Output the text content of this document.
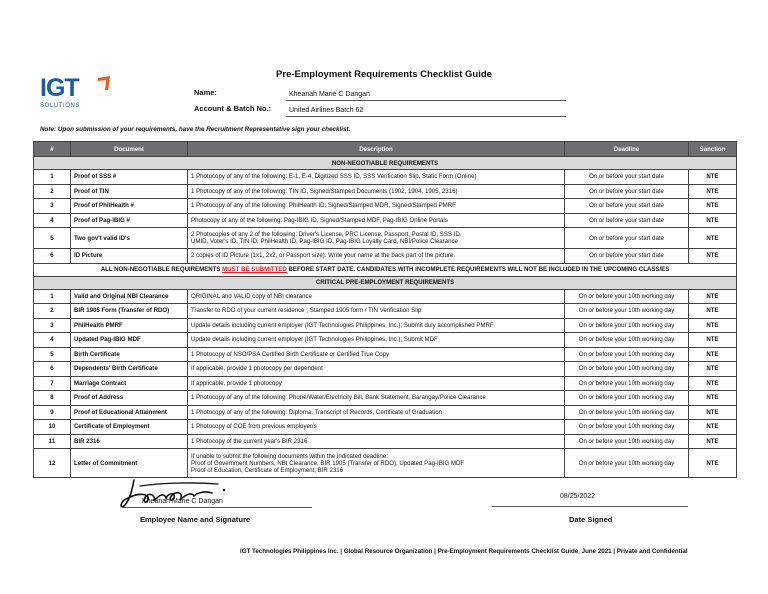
IGT
SOLUTIONS
Pre-Employment Requirements Checklist Guide
Name:	Kheanah Marie C Dangan
Account & Batch No.:	United Airlines Batch 62
Note: Upon submission of your requirements, have the Recruitment Representative sign your checklist.
#	Document	Description	Deadline	Sanction
NON-NEGOTIABLE REQUIREMENTS				
1	Proof of SSS #	1 Photocopy of any of the following: E-1, E-4, Digitized SSS ID, SSS Verification Slip, Static Form (Online)	On or before your start date	NTE
2	Proof of TIN	1 Photocopy of any of the following: TIN ID, Signed/Stamped Documents (1902, 1904, 1905, 2316)	On or before your start date	NTE
3	Proof of PhilHealth #	1 Photocopy of any of the following: PhilHealth ID, Signed/Stamped MDR, Signed/Stamped PMRF	On or before your start date	NTE
4	Proof of Pag-IBIG #	Photocopy of any of the following: Pag-IBIG ID, Signed/Stamped MDF, Pag-IBIG Online Portals	On or before your start date	NTE
5	Two gov't valid ID's	2 Photocopies of any 2 of the following: Driver's License, PRC License, Passport, Postal ID, SSS ID,
UMID, Voter's ID, TIN ID, PhilHealth ID, Pag-IBIG ID, Pag-IBIG Loyalty Card, NBI/Police Clearance	On or before your start date	NTE
6	ID Picture	2 copies of ID Picture (1x1, 2x2, or Passport size). Write your name at the back part of the picture.	On or before your start date	NTE
ALL NON-NEGOTIABLE REQUIREMENTS MUST BE SUBMITTED BEFORE START DATE. CANDIDATES WITH INCOMPLETE REQUIREMENTS WILL NOT BE INCLUDED IN THE UPCOMING CLASS/ES				
CRITICAL PRE-EMPLOYMENT REQUIREMENTS				
1	Valid and Original NBI Clearance	ORIGINAL and VALID copy of NBI clearance	On or before your 10th working day	NTE
2	BIR 1905 Form (Transfer of RDO)	Transfer to RDO of your current residence ; Stamped 1905 form / TIN Verification Slip	On or before your 10th working day	NTE
3	PhilHealth PMRF	Update details including current employer (IGT Technologies Philippines, Inc.); Submit duly accomplished PMRF	On or before your 10th working day	NTE
4	Updated Pag-IBIG MDF	Update details including current employer (IGT Technologies Philippines, Inc.); Submit MDF	On or before your 10th working day	NTE
5	Birth Certificate	1 Photocopy of NSO/PSA Certified Birth Certificate or Certified True Copy	On or before your 10th working day	NTE
6	Dependents' Birth Certificate	If applicable, provide 1 photocopy per dependent	On or before your 10th working day	NTE
7	Marriage Contract	If applicable, provide 1 photocopy	On or before your 10th working day	NTE
8	Proof of Address	1 Photocopy of any of the following: Phone/Water/Electricity Bill, Bank Statement, Barangay/Police Clearance	On or before your 10th working day	NTE
9	Proof of Educational Attainment	1 Photocopy of any of the following: Diploma, Transcript of Records, Certificate of Graduation	On or before your 10th working day	NTE
10	Certificate of Employment	1 Photocopy of COE from previous employer/s	On or before your 10th working day	NTE
11	BIR 2316	1 Photocopy of the current year's BIR 2316	On or before your 10th working day	NTE
12	Letter of Commitment	If unable to submit the following documents within the indicated deadline:
Proof of Government Numbers, NBI Clearance, BIR 1905 (Transfer of RDO), Updated Pag-IBIG MDF
Proof of Education, Certificate of Employment; BIR 2316	On or before your 10th working day	NTE
Kheanah Marie C Dangan
Employee Name and Signature
08/25/2022
Date Signed
IGT Technologies Philippines Inc. | Global Resource Organization | Pre-Employment Requirements Checklist Guide_June 2021 | Private and Confidential
